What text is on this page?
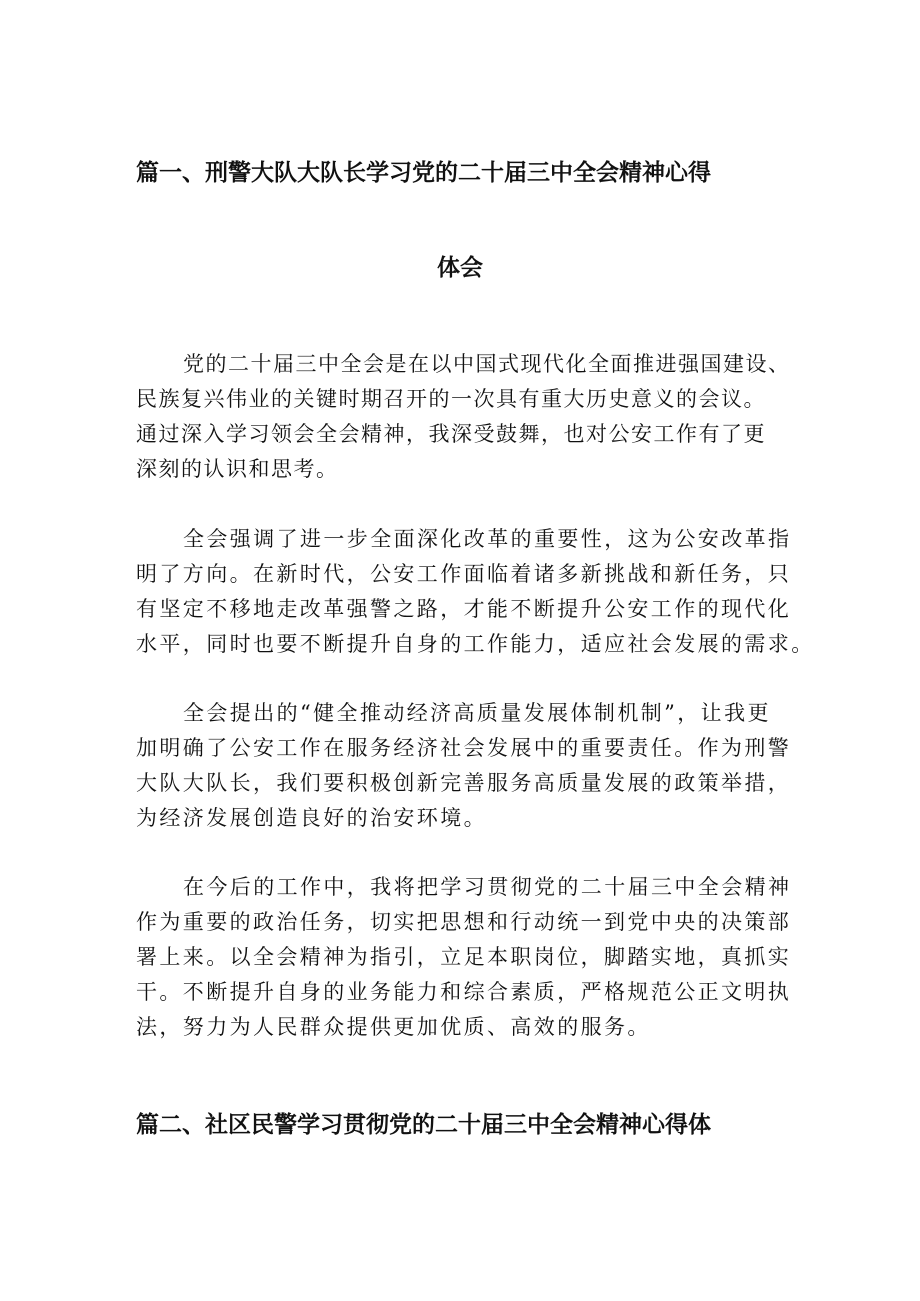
篇一、刑警大队大队长学习党的二十届三中全会精神心得
体会
党的二十届三中全会是在以中国式现代化全面推进强国建设、
民族复兴伟业的关键时期召开的一次具有重大历史意义的会议。
通过深入学习领会全会精神，我深受鼓舞，也对公安工作有了更
深刻的认识和思考。
全会强调了进一步全面深化改革的重要性，这为公安改革指
明了方向。在新时代，公安工作面临着诸多新挑战和新任务，只
有坚定不移地走改革强警之路，才能不断提升公安工作的现代化
水平，同时也要不断提升自身的工作能力，适应社会发展的需求。
全会提出的“健全推动经济高质量发展体制机制”，让我更
加明确了公安工作在服务经济社会发展中的重要责任。作为刑警
大队大队长，我们要积极创新完善服务高质量发展的政策举措，
为经济发展创造良好的治安环境。
在今后的工作中，我将把学习贯彻党的二十届三中全会精神
作为重要的政治任务，切实把思想和行动统一到党中央的决策部
署上来。以全会精神为指引，立足本职岗位，脚踏实地，真抓实
干。不断提升自身的业务能力和综合素质，严格规范公正文明执
法，努力为人民群众提供更加优质、高效的服务。
篇二、社区民警学习贯彻党的二十届三中全会精神心得体
